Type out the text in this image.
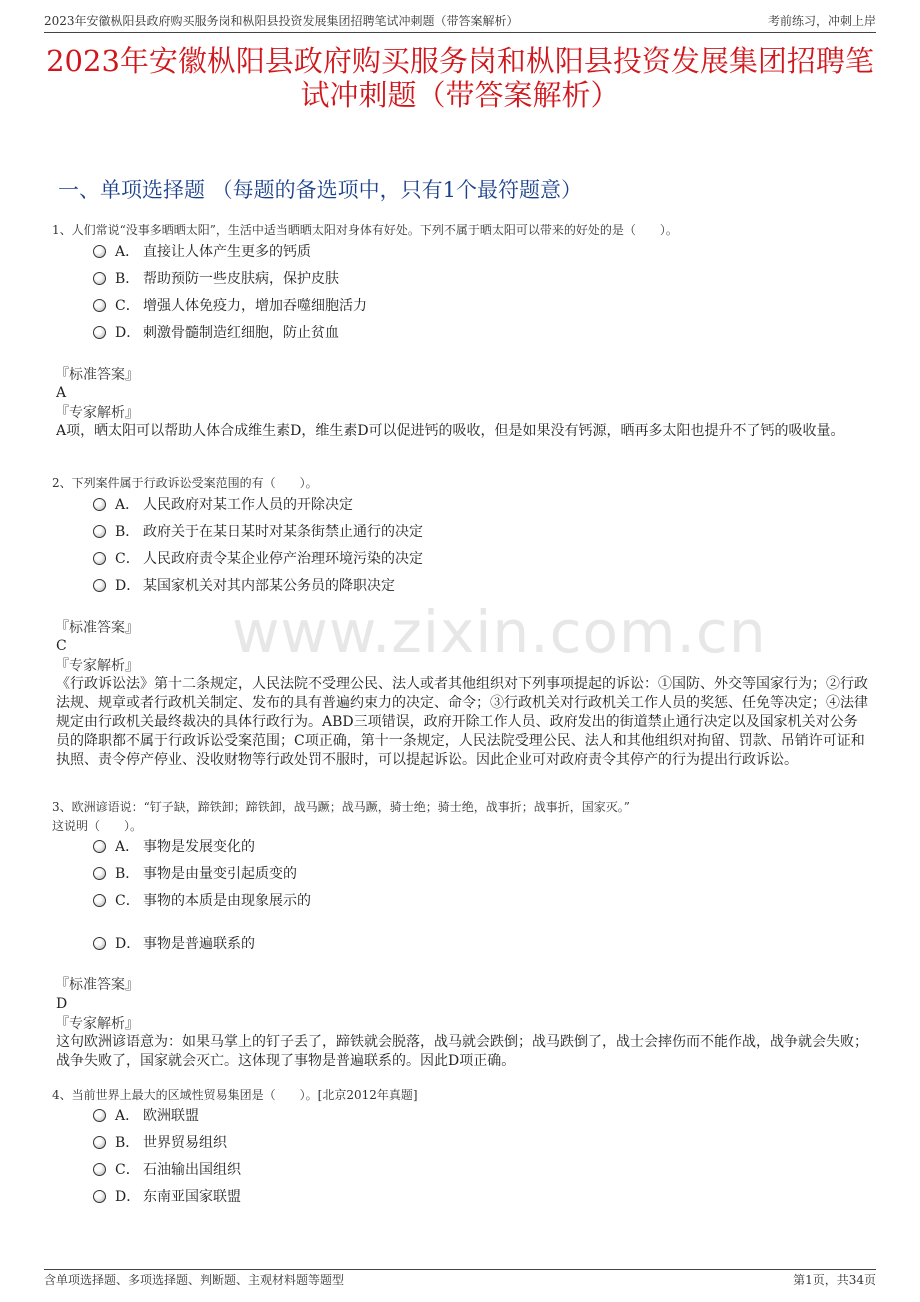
2023年安徽枞阳县政府购买服务岗和枞阳县投资发展集团招聘笔试冲刺题（带答案解析）	考前练习，冲刺上岸
2023年安徽枞阳县政府购买服务岗和枞阳县投资发展集团招聘笔试冲刺题（带答案解析）
一、单项选择题 （每题的备选项中，只有1个最符题意）
www.zixin.com.cn
1、人们常说“没事多晒晒太阳”，生活中适当晒晒太阳对身体有好处。下列不属于晒太阳可以带来的好处的是（　　）。
A． 直接让人体产生更多的钙质
B． 帮助预防一些皮肤病，保护皮肤
C． 增强人体免疫力，增加吞噬细胞活力
D． 刺激骨髓制造红细胞，防止贫血
『标准答案』
A
『专家解析』
A项，晒太阳可以帮助人体合成维生素D，维生素D可以促进钙的吸收，但是如果没有钙源，晒再多太阳也提升不了钙的吸收量。
2、下列案件属于行政诉讼受案范围的有（　　）。
A． 人民政府对某工作人员的开除决定
B． 政府关于在某日某时对某条街禁止通行的决定
C． 人民政府责令某企业停产治理环境污染的决定
D． 某国家机关对其内部某公务员的降职决定
『标准答案』
C
『专家解析』
《行政诉讼法》第十二条规定，人民法院不受理公民、法人或者其他组织对下列事项提起的诉讼：①国防、外交等国家行为；②行政法规、规章或者行政机关制定、发布的具有普遍约束力的决定、命令；③行政机关对行政机关工作人员的奖惩、任免等决定；④法律规定由行政机关最终裁决的具体行政行为。ABD三项错误，政府开除工作人员、政府发出的街道禁止通行决定以及国家机关对公务员的降职都不属于行政诉讼受案范围；C项正确，第十一条规定，人民法院受理公民、法人和其他组织对拘留、罚款、吊销许可证和执照、责令停产停业、没收财物等行政处罚不服时，可以提起诉讼。因此企业可对政府责令其停产的行为提出行政诉讼。
3、欧洲谚语说：“钉子缺，蹄铁卸；蹄铁卸，战马蹶；战马蹶，骑士绝；骑士绝，战事折；战事折，国家灭。”
这说明（　　）。
A． 事物是发展变化的
B． 事物是由量变引起质变的
C． 事物的本质是由现象展示的
D． 事物是普遍联系的
『标准答案』
D
『专家解析』
这句欧洲谚语意为：如果马掌上的钉子丢了，蹄铁就会脱落，战马就会跌倒；战马跌倒了，战士会摔伤而不能作战，战争就会失败；战争失败了，国家就会灭亡。这体现了事物是普遍联系的。因此D项正确。
4、当前世界上最大的区域性贸易集团是（　　）。[北京2012年真题]
A． 欧洲联盟
B． 世界贸易组织
C． 石油输出国组织
D． 东南亚国家联盟
含单项选择题、多项选择题、判断题、主观材料题等题型	第1页，共34页
